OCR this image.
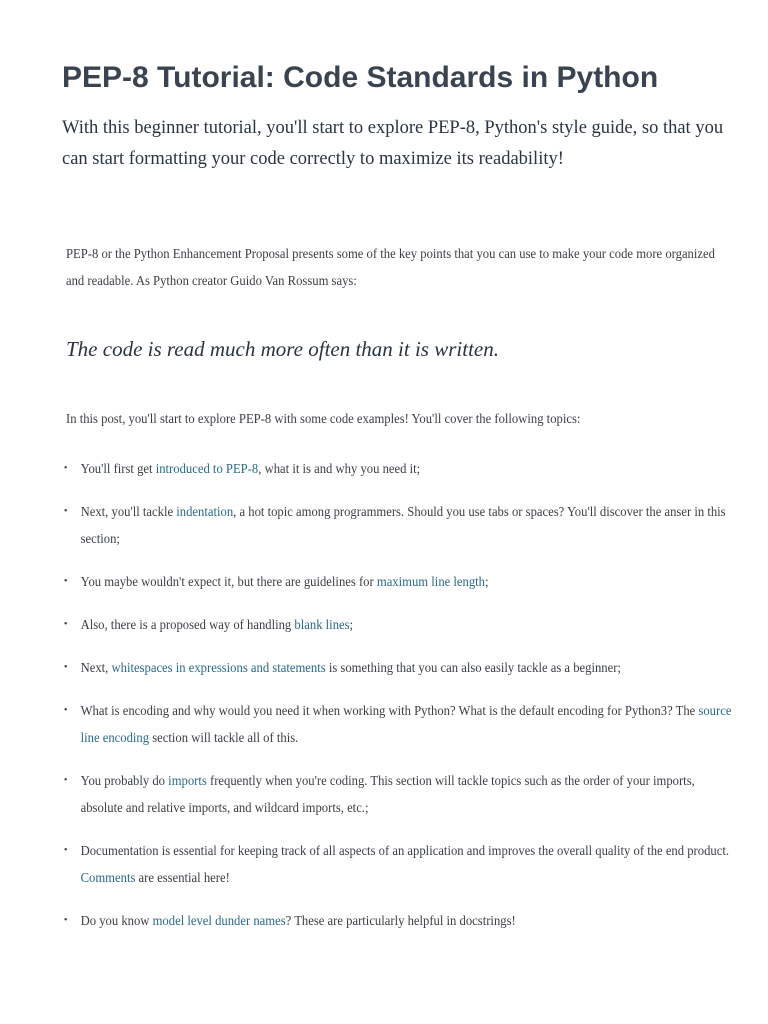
PEP-8 Tutorial: Code Standards in Python

With this beginner tutorial, you'll start to explore PEP-8, Python's style guide, so that you can start formatting your code correctly to maximize its readability!

PEP-8 or the Python Enhancement Proposal presents some of the key points that you can use to make your code more organized and readable. As Python creator Guido Van Rossum says:

The code is read much more often than it is written.

In this post, you'll start to explore PEP-8 with some code examples! You'll cover the following topics:

• You'll first get introduced to PEP-8, what it is and why you need it;
• Next, you'll tackle indentation, a hot topic among programmers. Should you use tabs or spaces? You'll discover the anser in this section;
• You maybe wouldn't expect it, but there are guidelines for maximum line length;
• Also, there is a proposed way of handling blank lines;
• Next, whitespaces in expressions and statements is something that you can also easily tackle as a beginner;
• What is encoding and why would you need it when working with Python? What is the default encoding for Python3? The source line encoding section will tackle all of this.
• You probably do imports frequently when you're coding. This section will tackle topics such as the order of your imports, absolute and relative imports, and wildcard imports, etc.;
• Documentation is essential for keeping track of all aspects of an application and improves the overall quality of the end product. Comments are essential here!
• Do you know model level dunder names? These are particularly helpful in docstrings!
